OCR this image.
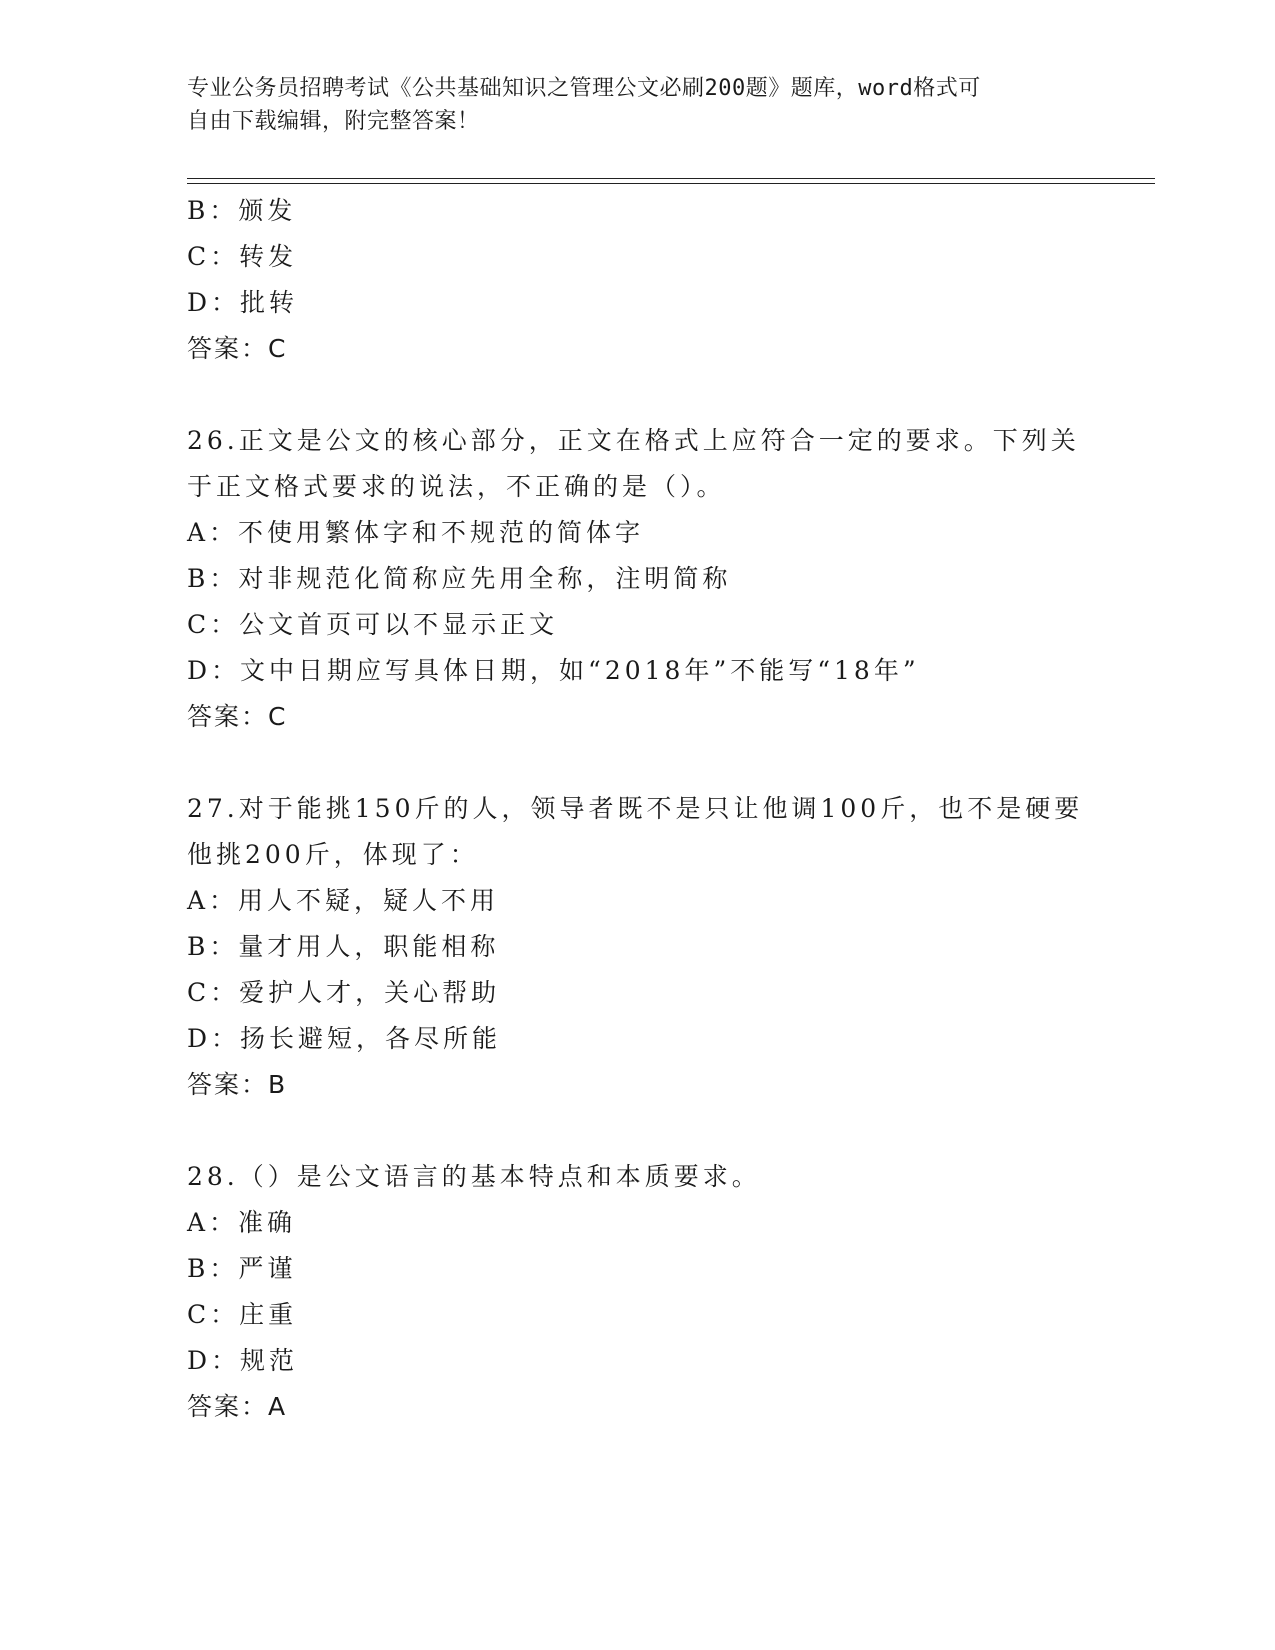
专业公务员招聘考试《公共基础知识之管理公文必刷200题》题库，word格式可
自由下载编辑，附完整答案！
B：颁发
C：转发
D：批转
答案：C
26.正文是公文的核心部分，正文在格式上应符合一定的要求。下列关
于正文格式要求的说法，不正确的是（）。
A：不使用繁体字和不规范的简体字
B：对非规范化简称应先用全称，注明简称
C：公文首页可以不显示正文
D：文中日期应写具体日期，如“2018年”不能写“18年”
答案：C
27.对于能挑150斤的人，领导者既不是只让他调100斤，也不是硬要
他挑200斤，体现了：
A：用人不疑，疑人不用
B：量才用人，职能相称
C：爱护人才，关心帮助
D：扬长避短，各尽所能
答案：B
28.（）是公文语言的基本特点和本质要求。
A：准确
B：严谨
C：庄重
D：规范
答案：A
